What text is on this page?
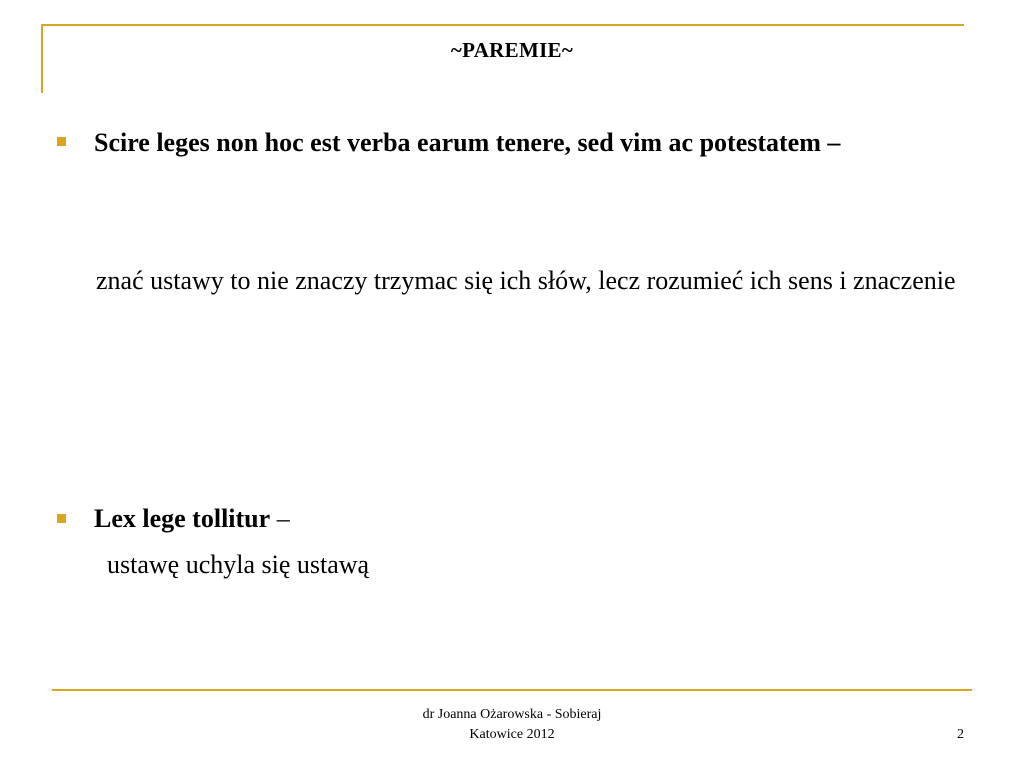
~PAREMIE~
Scire leges non hoc est verba earum tenere, sed vim ac potestatem –
znać ustawy to nie znaczy trzymac się ich słów, lecz rozumieć ich sens i znaczenie
Lex lege tollitur –
ustawę uchyla się ustawą
dr Joanna Ożarowska - Sobieraj
Katowice 2012	2
